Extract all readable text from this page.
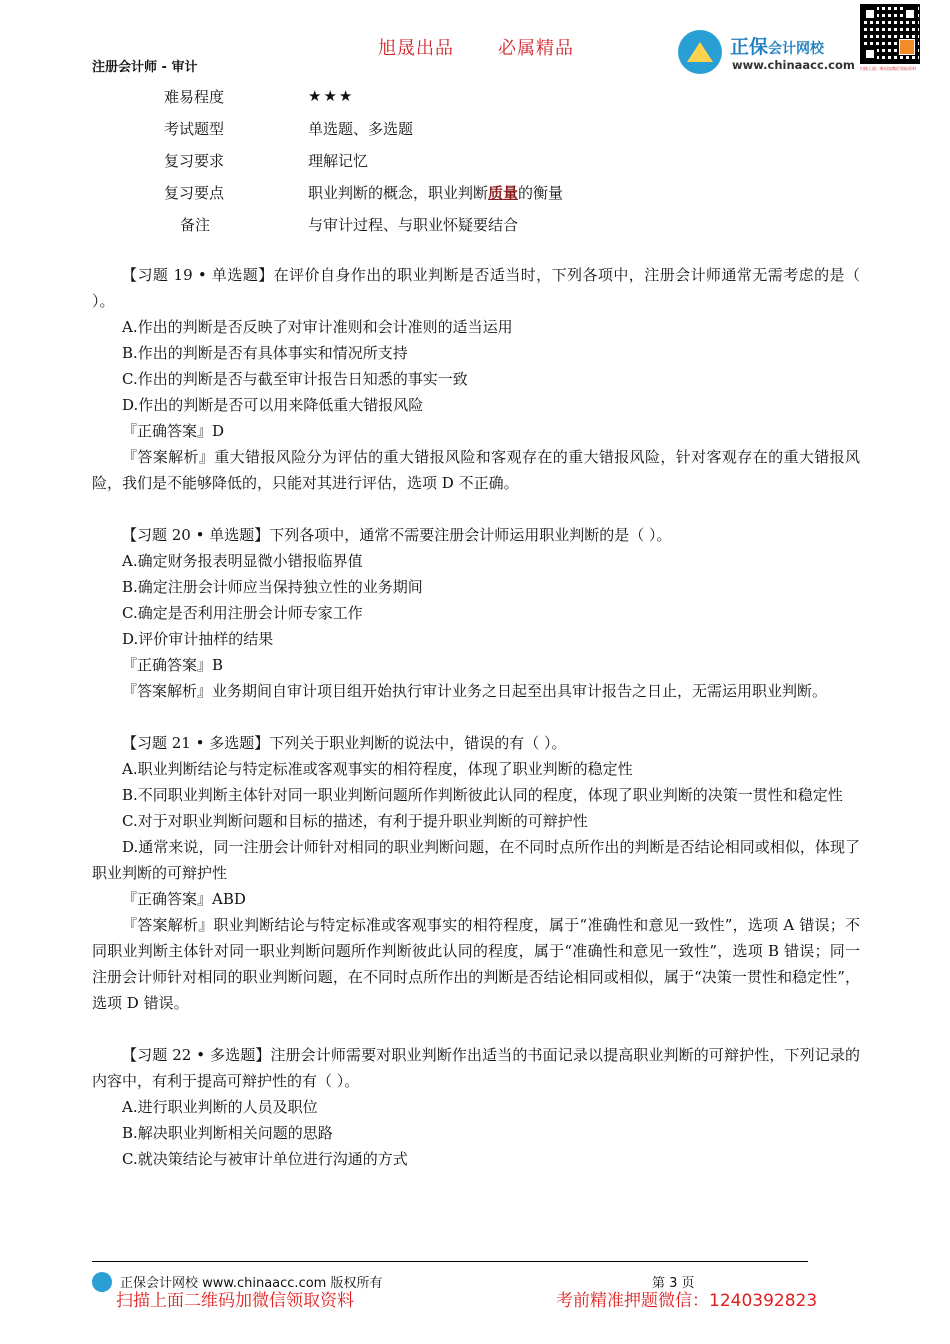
旭晟出品 必属精品
注册会计师 - 审计
正保会计网校
www.chinaacc.com 扫描上面二维码加微信领取资料
难易程度	★★★
考试题型	单选题、多选题
复习要求	理解记忆
复习要点	职业判断的概念，职业判断质量的衡量
备注	与审计过程、与职业怀疑要结合

【习题 19 • 单选题】在评价自身作出的职业判断是否适当时，下列各项中，注册会计师通常无需考虑的是（ ）。

A.作出的判断是否反映了对审计准则和会计准则的适当运用

B.作出的判断是否有具体事实和情况所支持

C.作出的判断是否与截至审计报告日知悉的事实一致

D.作出的判断是否可以用来降低重大错报风险

『正确答案』D

『答案解析』重大错报风险分为评估的重大错报风险和客观存在的重大错报风险，针对客观存在的重大错报风险，我们是不能够降低的，只能对其进行评估，选项 D 不正确。

【习题 20 • 单选题】下列各项中，通常不需要注册会计师运用职业判断的是（ ）。

A.确定财务报表明显微小错报临界值

B.确定注册会计师应当保持独立性的业务期间

C.确定是否利用注册会计师专家工作

D.评价审计抽样的结果

『正确答案』B

『答案解析』业务期间自审计项目组开始执行审计业务之日起至出具审计报告之日止，无需运用职业判断。

【习题 21 • 多选题】下列关于职业判断的说法中，错误的有（ ）。

A.职业判断结论与特定标准或客观事实的相符程度，体现了职业判断的稳定性

B.不同职业判断主体针对同一职业判断问题所作判断彼此认同的程度，体现了职业判断的决策一贯性和稳定性

C.对于对职业判断问题和目标的描述，有利于提升职业判断的可辩护性

D.通常来说，同一注册会计师针对相同的职业判断问题，在不同时点所作出的判断是否结论相同或相似，体现了职业判断的可辩护性

『正确答案』ABD

『答案解析』职业判断结论与特定标准或客观事实的相符程度，属于“准确性和意见一致性”，选项 A 错误；不同职业判断主体针对同一职业判断问题所作判断彼此认同的程度，属于“准确性和意见一致性”，选项 B 错误；同一注册会计师针对相同的职业判断问题，在不同时点所作出的判断是否结论相同或相似，属于“决策一贯性和稳定性”，选项 D 错误。

【习题 22 • 多选题】注册会计师需要对职业判断作出适当的书面记录以提高职业判断的可辩护性，下列记录的内容中，有利于提高可辩护性的有（ ）。

A.进行职业判断的人员及职位

B.解决职业判断相关问题的思路

C.就决策结论与被审计单位进行沟通的方式

正保会计网校 www.chinaacc.com 版权所有	第 3 页
扫描上面二维码加微信领取资料	考前精准押题微信：1240392823
